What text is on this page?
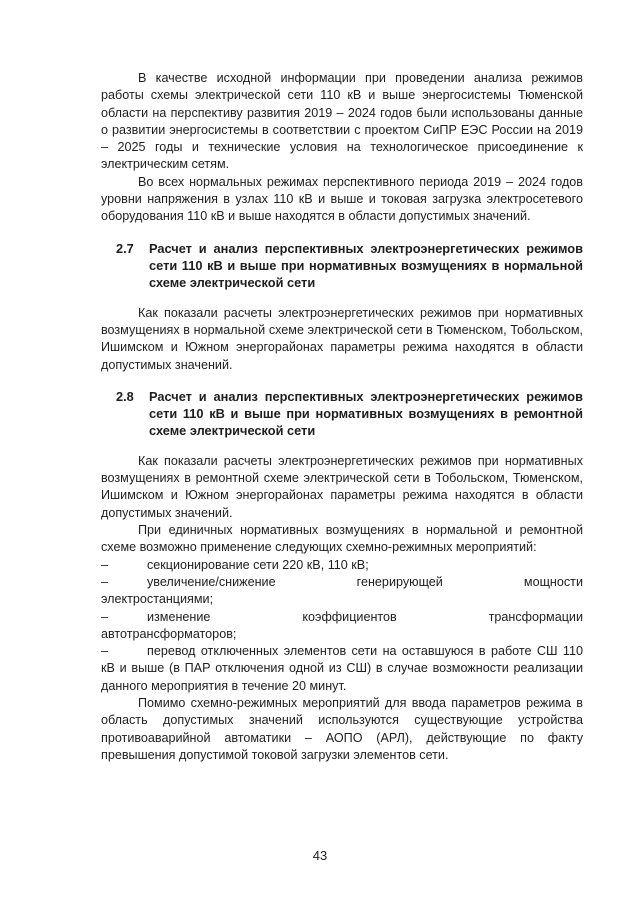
В качестве исходной информации при проведении анализа режимов работы схемы электрической сети 110 кВ и выше энергосистемы Тюменской области на перспективу развития 2019 – 2024 годов были использованы данные о развитии энергосистемы в соответствии с проектом СиПР ЕЭС России на 2019 – 2025 годы и технические условия на технологическое присоединение к электрическим сетям.

Во всех нормальных режимах перспективного периода 2019 – 2024 годов уровни напряжения в узлах 110 кВ и выше и токовая загрузка электросетевого оборудования 110 кВ и выше находятся в области допустимых значений.

2.7	Расчет и анализ перспективных электроэнергетических режимов сети 110 кВ и выше при нормативных возмущениях в нормальной схеме электрической сети

Как показали расчеты электроэнергетических режимов при нормативных возмущениях в нормальной схеме электрической сети в Тюменском, Тобольском, Ишимском и Южном энергорайонах параметры режима находятся в области допустимых значений.

2.8	Расчет и анализ перспективных электроэнергетических режимов сети 110 кВ и выше при нормативных возмущениях в ремонтной схеме электрической сети

Как показали расчеты электроэнергетических режимов при нормативных возмущениях в ремонтной схеме электрической сети в Тобольском, Тюменском, Ишимском и Южном энергорайонах параметры режима находятся в области допустимых значений.

При единичных нормативных возмущениях в нормальной и ремонтной схеме возможно применение следующих схемно-режимных мероприятий:

–	секционирование сети 220 кВ, 110 кВ;
–	увеличение/снижение	генерирующей	мощности
электростанциями;
–	изменение	коэффициентов	трансформации
автотрансформаторов;

–	перевод отключенных элементов сети на оставшуюся в работе СШ 110 кВ и выше (в ПАР отключения одной из СШ) в случае возможности реализации данного мероприятия в течение 20 минут.

Помимо схемно-режимных мероприятий для ввода параметров режима в область допустимых значений используются существующие устройства противоаварийной автоматики – АОПО (АРЛ), действующие по факту превышения допустимой токовой загрузки элементов сети.

43
